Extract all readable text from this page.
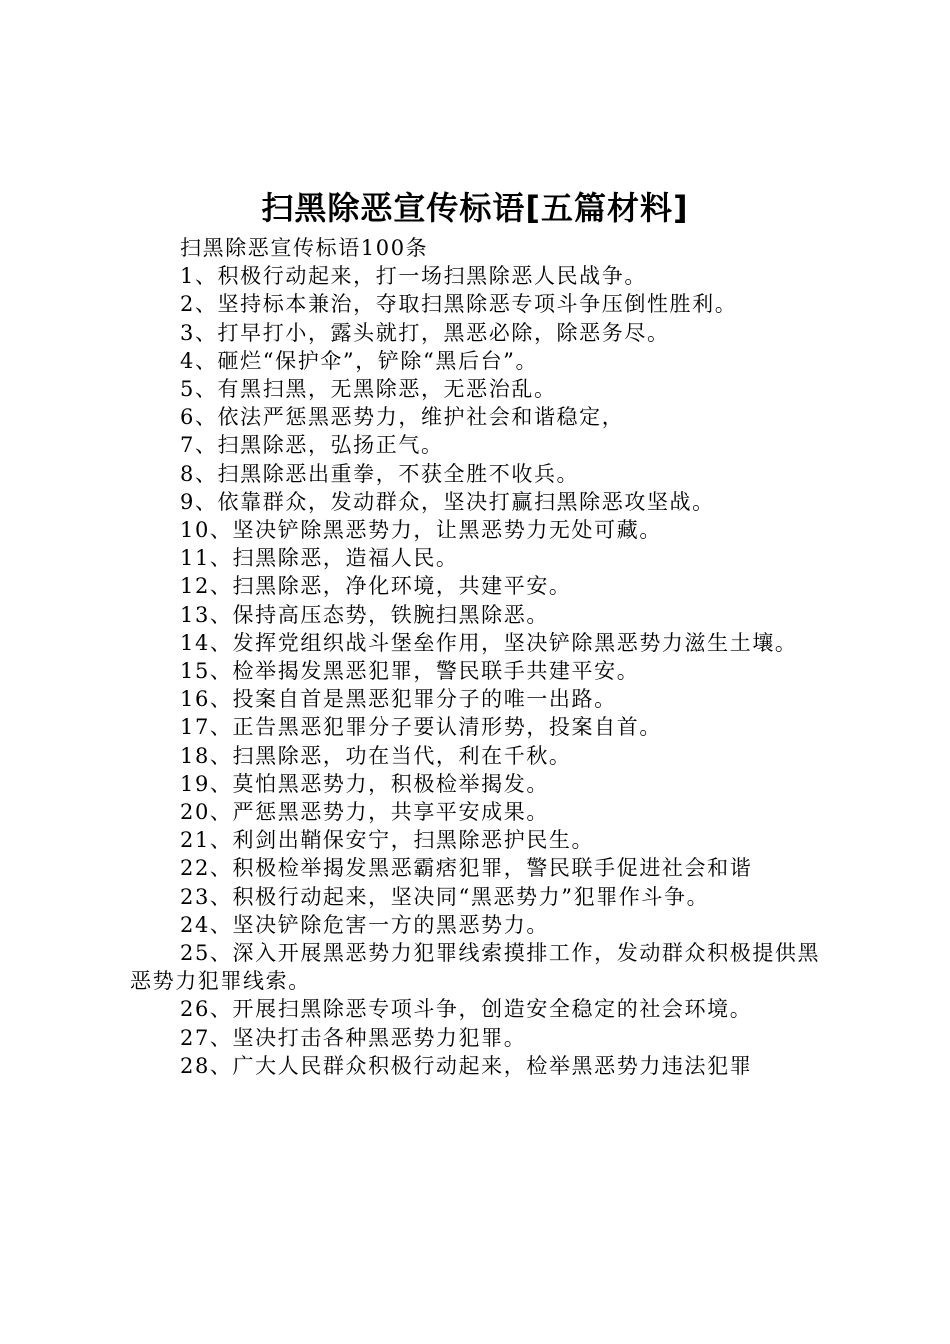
扫黑除恶宣传标语[五篇材料]

扫黑除恶宣传标语100条

1、积极行动起来，打一场扫黑除恶人民战争。

2、坚持标本兼治，夺取扫黑除恶专项斗争压倒性胜利。

3、打早打小，露头就打，黑恶必除，除恶务尽。

4、砸烂“保护伞”，铲除“黑后台”。

5、有黑扫黑，无黑除恶，无恶治乱。

6、依法严惩黑恶势力，维护社会和谐稳定，

7、扫黑除恶，弘扬正气。

8、扫黑除恶出重拳，不获全胜不收兵。

9、依靠群众，发动群众，坚决打赢扫黑除恶攻坚战。

10、坚决铲除黑恶势力，让黑恶势力无处可藏。

11、扫黑除恶，造福人民。

12、扫黑除恶，净化环境，共建平安。

13、保持高压态势，铁腕扫黑除恶。

14、发挥党组织战斗堡垒作用，坚决铲除黑恶势力滋生土壤。

15、检举揭发黑恶犯罪，警民联手共建平安。

16、投案自首是黑恶犯罪分子的唯一出路。

17、正告黑恶犯罪分子要认清形势，投案自首。

18、扫黑除恶，功在当代，利在千秋。

19、莫怕黑恶势力，积极检举揭发。

20、严惩黑恶势力，共享平安成果。

21、利剑出鞘保安宁，扫黑除恶护民生。

22、积极检举揭发黑恶霸痞犯罪，警民联手促进社会和谐

23、积极行动起来，坚决同“黑恶势力”犯罪作斗争。

24、坚决铲除危害一方的黑恶势力。

25、深入开展黑恶势力犯罪线索摸排工作，发动群众积极提供黑恶势力犯罪线索。

26、开展扫黑除恶专项斗争，创造安全稳定的社会环境。

27、坚决打击各种黑恶势力犯罪。

28、广大人民群众积极行动起来，检举黑恶势力违法犯罪
